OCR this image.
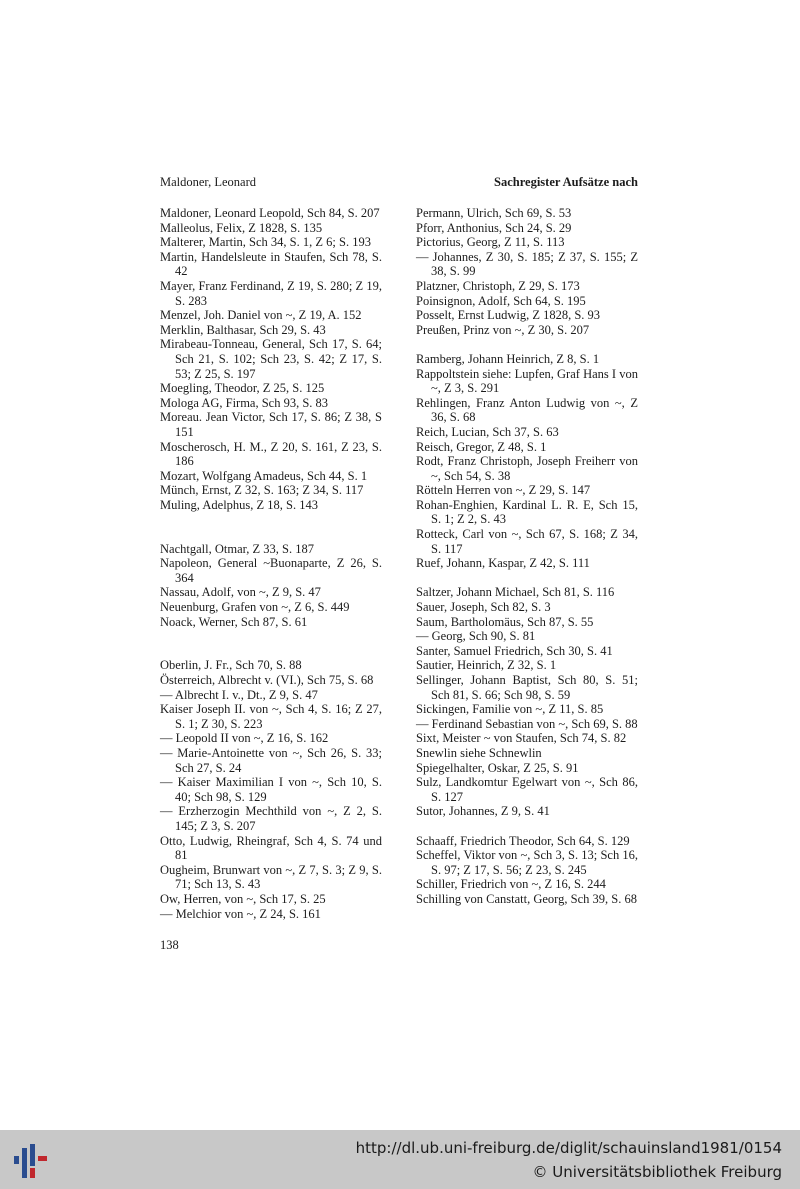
Maldoner, Leonard	Sachregister Aufsätze nach

Maldoner, Leonard Leopold, Sch 84, S. 207

Malleolus, Felix, Z 1828, S. 135

Malterer, Martin, Sch 34, S. 1, Z 6; S. 193

Martin, Handelsleute in Staufen, Sch 78, S. 42

Mayer, Franz Ferdinand, Z 19, S. 280; Z 19, S. 283

Menzel, Joh. Daniel von ~, Z 19, A. 152

Merklin, Balthasar, Sch 29, S. 43

Mirabeau-Tonneau, General, Sch 17, S. 64; Sch 21, S. 102; Sch 23, S. 42; Z 17, S. 53; Z 25, S. 197

Moegling, Theodor, Z 25, S. 125

Mologa AG, Firma, Sch 93, S. 83

Moreau. Jean Victor, Sch 17, S. 86; Z 38, S 151

Moscherosch, H. M., Z 20, S. 161, Z 23, S. 186

Mozart, Wolfgang Amadeus, Sch 44, S. 1

Münch, Ernst, Z 32, S. 163; Z 34, S. 117

Muling, Adelphus, Z 18, S. 143

Nachtgall, Otmar, Z 33, S. 187

Napoleon, General ~Buonaparte, Z 26, S. 364

Nassau, Adolf, von ~, Z 9, S. 47

Neuenburg, Grafen von ~, Z 6, S. 449

Noack, Werner, Sch 87, S. 61

Oberlin, J. Fr., Sch 70, S. 88

Österreich, Albrecht v. (VI.), Sch 75, S. 68

— Albrecht I. v., Dt., Z 9, S. 47

Kaiser Joseph II. von ~, Sch 4, S. 16; Z 27, S. 1; Z 30, S. 223

— Leopold II von ~, Z 16, S. 162

— Marie-Antoinette von ~, Sch 26, S. 33; Sch 27, S. 24

— Kaiser Maximilian I von ~, Sch 10, S. 40; Sch 98, S. 129

— Erzherzogin Mechthild von ~, Z 2, S. 145; Z 3, S. 207

Otto, Ludwig, Rheingraf, Sch 4, S. 74 und 81

Ougheim, Brunwart von ~, Z 7, S. 3; Z 9, S. 71; Sch 13, S. 43

Ow, Herren, von ~, Sch 17, S. 25

— Melchior von ~, Z 24, S. 161

Permann, Ulrich, Sch 69, S. 53

Pforr, Anthonius, Sch 24, S. 29

Pictorius, Georg, Z 11, S. 113

— Johannes, Z 30, S. 185; Z 37, S. 155; Z 38, S. 99

Platzner, Christoph, Z 29, S. 173

Poinsignon, Adolf, Sch 64, S. 195

Posselt, Ernst Ludwig, Z 1828, S. 93

Preußen, Prinz von ~, Z 30, S. 207

Ramberg, Johann Heinrich, Z 8, S. 1

Rappoltstein siehe: Lupfen, Graf Hans I von ~, Z 3, S. 291

Rehlingen, Franz Anton Ludwig von ~, Z 36, S. 68

Reich, Lucian, Sch 37, S. 63

Reisch, Gregor, Z 48, S. 1

Rodt, Franz Christoph, Joseph Freiherr von ~, Sch 54, S. 38

Rötteln Herren von ~, Z 29, S. 147

Rohan-Enghien, Kardinal L. R. E, Sch 15, S. 1; Z 2, S. 43

Rotteck, Carl von ~, Sch 67, S. 168; Z 34, S. 117

Ruef, Johann, Kaspar, Z 42, S. 111

Saltzer, Johann Michael, Sch 81, S. 116

Sauer, Joseph, Sch 82, S. 3

Saum, Bartholomäus, Sch 87, S. 55

— Georg, Sch 90, S. 81

Santer, Samuel Friedrich, Sch 30, S. 41

Sautier, Heinrich, Z 32, S. 1

Sellinger, Johann Baptist, Sch 80, S. 51; Sch 81, S. 66; Sch 98, S. 59

Sickingen, Familie von ~, Z 11, S. 85

— Ferdinand Sebastian von ~, Sch 69, S. 88

Sixt, Meister ~ von Staufen, Sch 74, S. 82

Snewlin siehe Schnewlin

Spiegelhalter, Oskar, Z 25, S. 91

Sulz, Landkomtur Egelwart von ~, Sch 86, S. 127

Sutor, Johannes, Z 9, S. 41

Schaaff, Friedrich Theodor, Sch 64, S. 129

Scheffel, Viktor von ~, Sch 3, S. 13; Sch 16, S. 97; Z 17, S. 56; Z 23, S. 245

Schiller, Friedrich von ~, Z 16, S. 244

Schilling von Canstatt, Georg, Sch 39, S. 68

138
http://dl.ub.uni-freiburg.de/diglit/schauinsland1981/0154
© Universitätsbibliothek Freiburg
